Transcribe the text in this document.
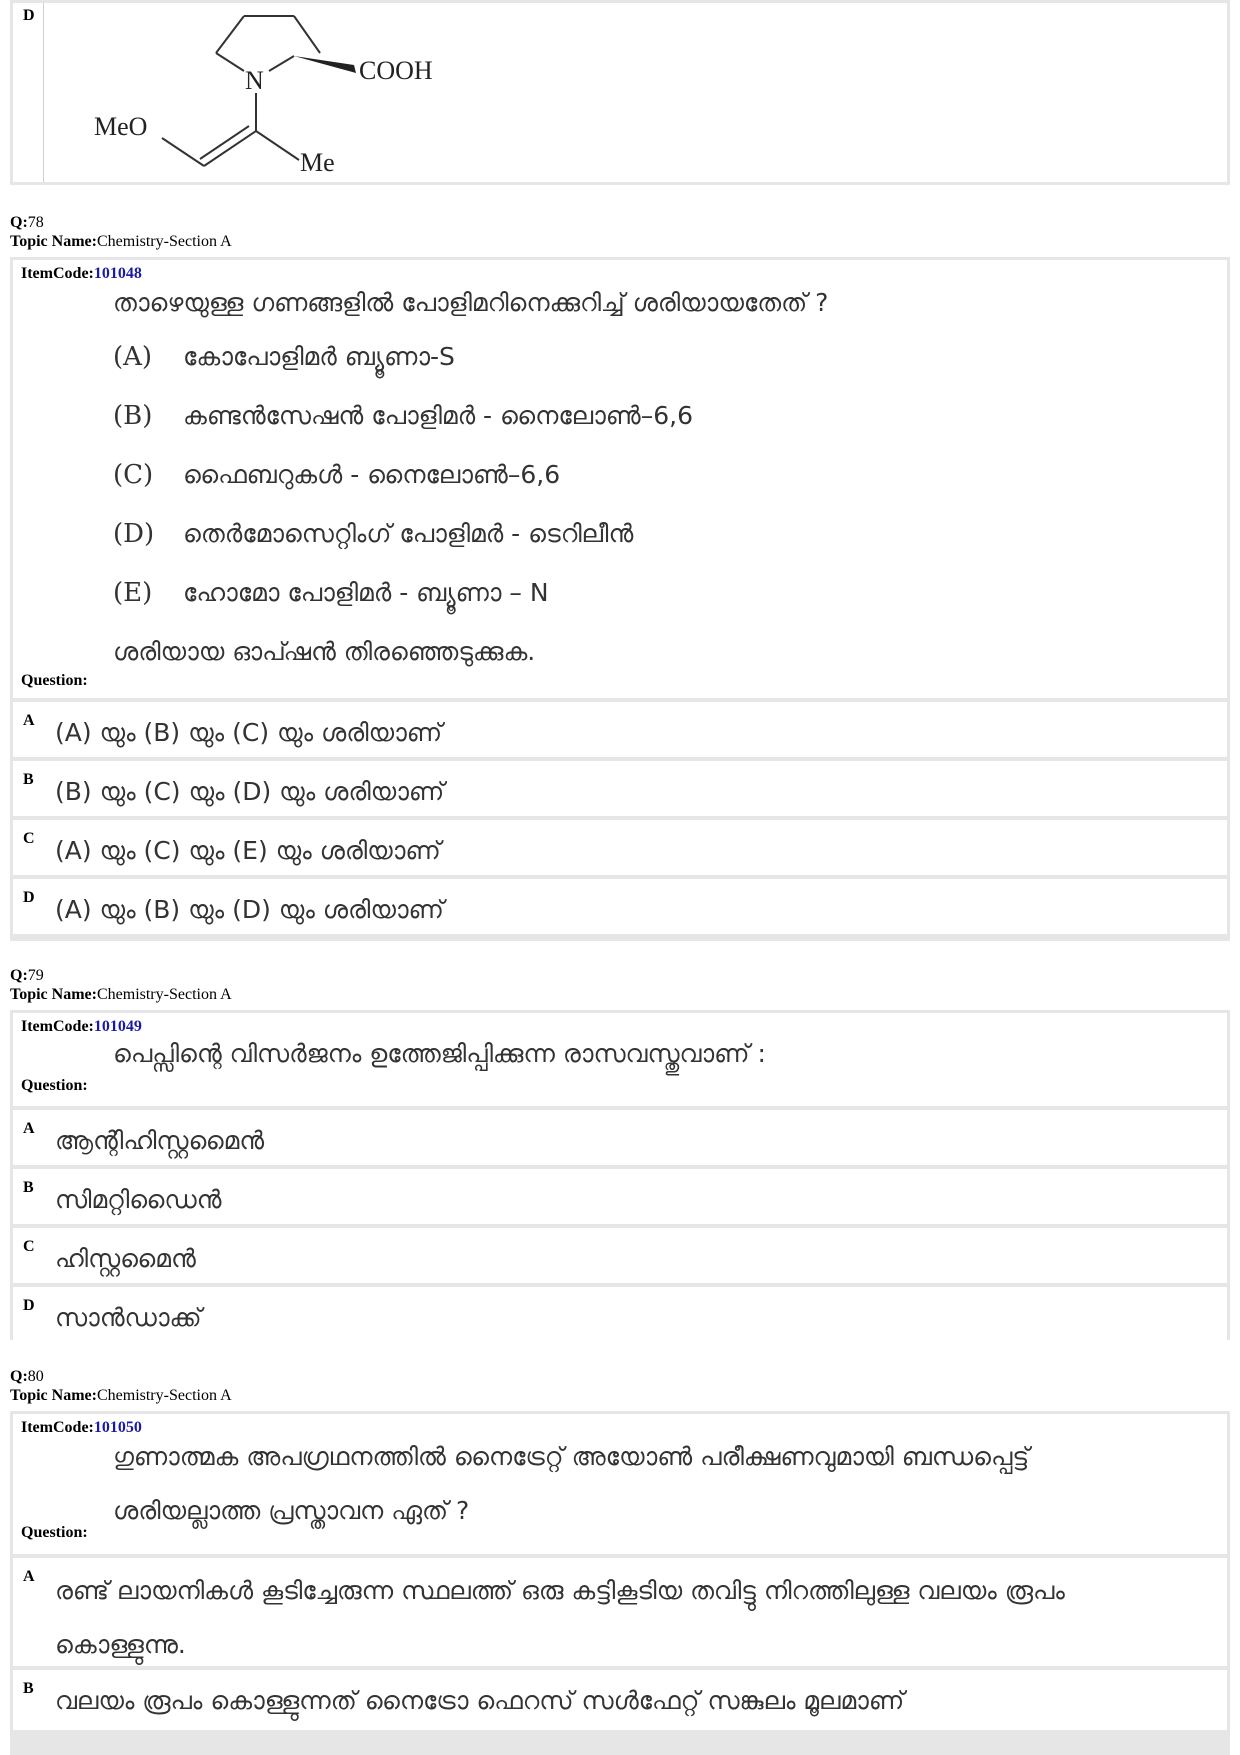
D
N	COOH
MeO
Me
Q:78
Topic Name:Chemistry-Section A
ItemCode:101048
താഴെയുള്ള ഗണങ്ങളിൽ പോളിമറിനെക്കുറിച്ച് ശരിയായതേത് ?
(A)	കോപോളിമർ ബ്യൂണാ-S
(B)	കണ്ടൻസേഷൻ പോളിമർ - നൈലോൺ–6,6
(C)	ഫൈബറുകൾ - നൈലോൺ–6,6
(D)	തെർമോസെറ്റിംഗ് പോളിമർ - ടെറിലീൻ
(E)	ഹോമോ പോളിമർ - ബ്യൂണാ – N
ശരിയായ ഓപ്ഷൻ തിരഞ്ഞെടുക്കുക.
Question:
A (A) യും (B) യും (C) യും ശരിയാണ്
B (B) യും (C) യും (D) യും ശരിയാണ്
C (A) യും (C) യും (E) യും ശരിയാണ്
D (A) യും (B) യും (D) യും ശരിയാണ്
Q:79
Topic Name:Chemistry-Section A
ItemCode:101049
പെപ്സിന്റെ വിസർജനം ഉത്തേജിപ്പിക്കുന്ന രാസവസ്തുവാണ് :
Question:
A ആന്റിഹിസ്റ്റമൈൻ
B സിമറ്റിഡൈൻ
C ഹിസ്റ്റമൈൻ
D സാൻഡാക്ക്
Q:80
Topic Name:Chemistry-Section A
ItemCode:101050
ഗുണാത്മക അപഗ്രഥനത്തിൽ നൈട്രേറ്റ് അയോൺ പരീക്ഷണവുമായി ബന്ധപ്പെട്ട്
ശരിയല്ലാത്ത പ്രസ്താവന ഏത് ?
Question:
A രണ്ട് ലായനികൾ കൂടിച്ചേരുന്ന സ്ഥലത്ത് ഒരു കട്ടികൂടിയ തവിട്ടു നിറത്തിലുള്ള വലയം രൂപം കൊള്ളുന്നു.
B വലയം രൂപം കൊള്ളുന്നത് നൈട്രോ ഫെറസ് സൾഫേറ്റ് സങ്കുലം മൂലമാണ്
